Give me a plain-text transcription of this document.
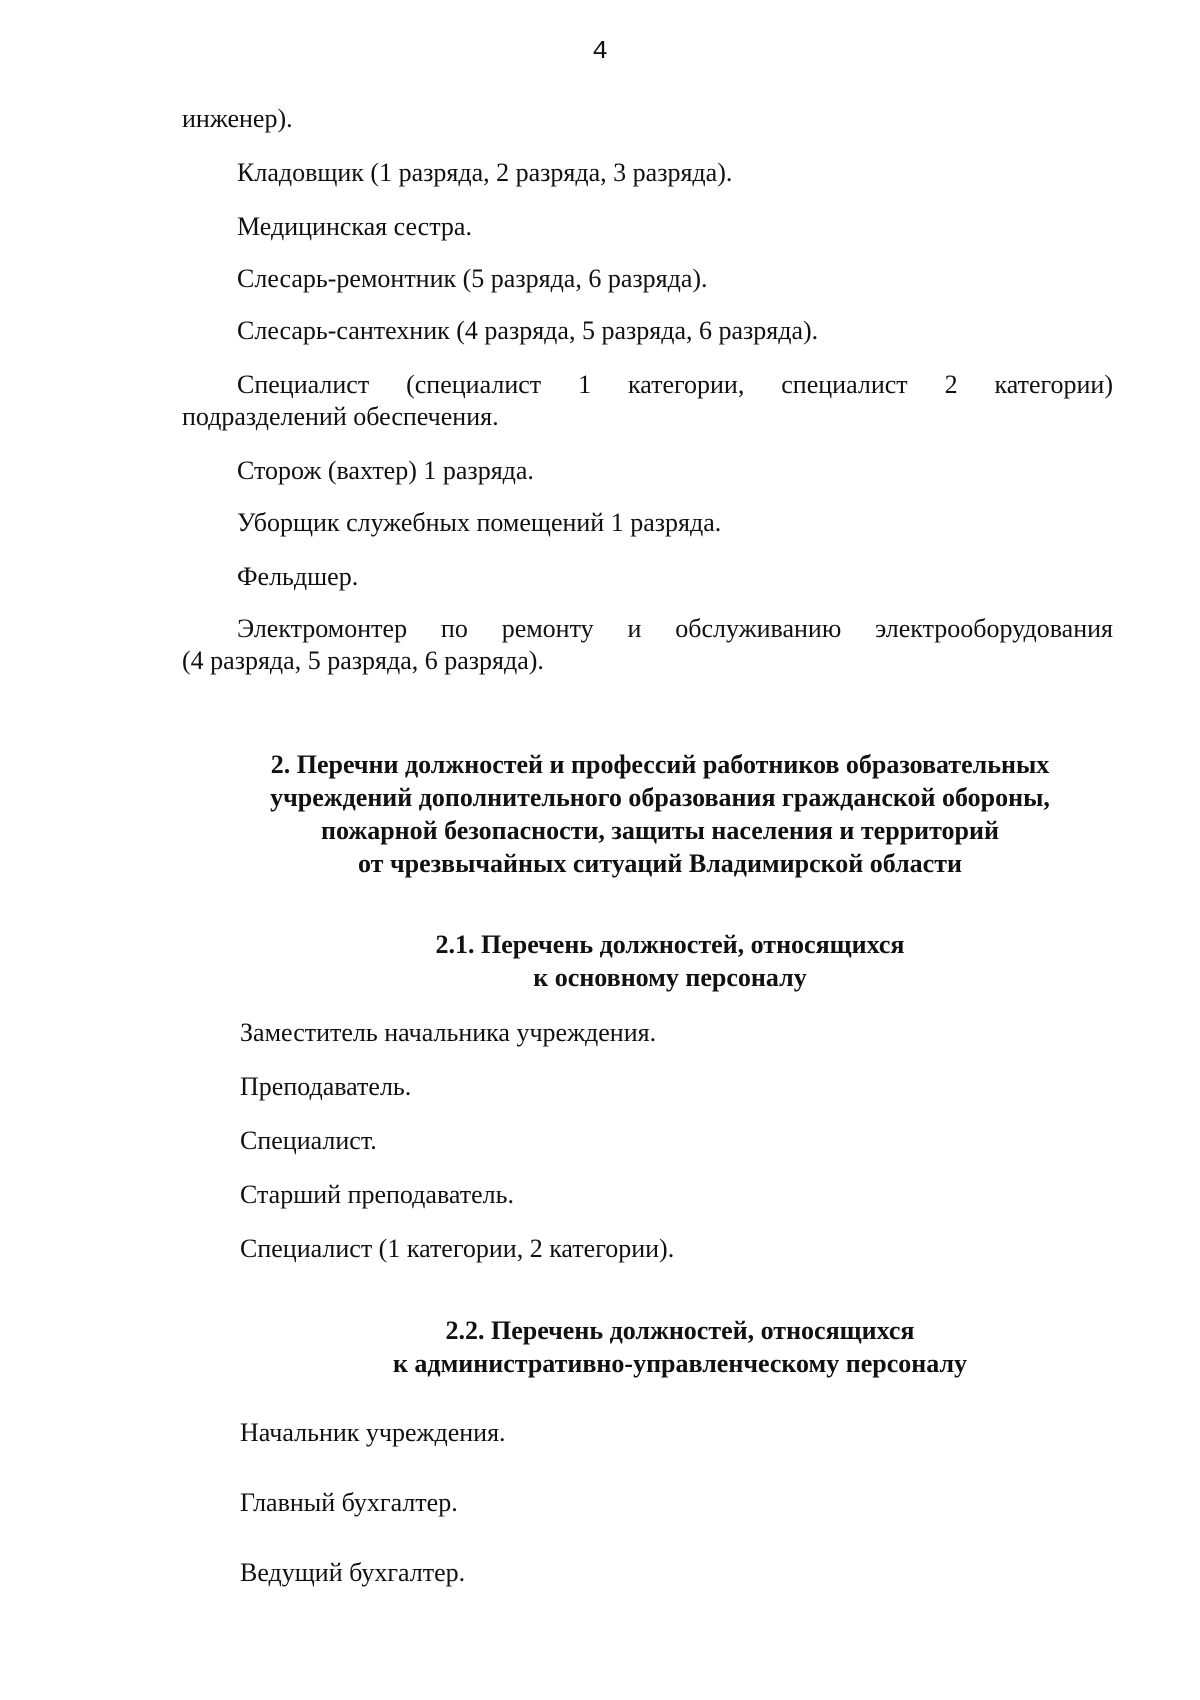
4
инженер).
Кладовщик (1 разряда, 2 разряда, 3 разряда).
Медицинская сестра.
Слесарь-ремонтник (5 разряда, 6 разряда).
Слесарь-сантехник (4 разряда, 5 разряда, 6 разряда).
Специалист (специалист 1 категории, специалист 2 категории)
подразделений обеспечения.
Сторож (вахтер) 1 разряда.
Уборщик служебных помещений 1 разряда.
Фельдшер.
Электромонтер по ремонту и обслуживанию электрооборудования
(4 разряда, 5 разряда, 6 разряда).
2. Перечни должностей и профессий работников образовательных
учреждений дополнительного образования гражданской обороны,
пожарной безопасности, защиты населения и территорий
от чрезвычайных ситуаций Владимирской области
2.1. Перечень должностей, относящихся
к основному персоналу
Заместитель начальника учреждения.
Преподаватель.
Специалист.
Старший преподаватель.
Специалист (1 категории, 2 категории).
2.2. Перечень должностей, относящихся
к административно-управленческому персоналу
Начальник учреждения.
Главный бухгалтер.
Ведущий бухгалтер.
